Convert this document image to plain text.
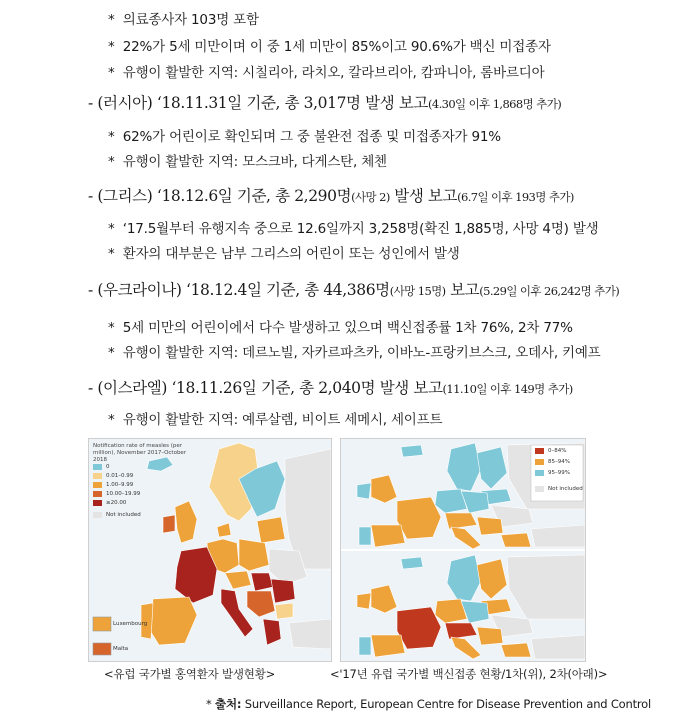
* 의료종사자 103명 포함
* 22%가 5세 미만이며 이 중 1세 미만이 85%이고 90.6%가 백신 미접종자
* 유행이 활발한 지역: 시칠리아, 라치오, 칼라브리아, 캄파니아, 롬바르디아
- (러시아) ‘18.11.31일 기준, 총 3,017명 발생 보고(4.30일 이후 1,868명 추가)
* 62%가 어린이로 확인되며 그 중 불완전 접종 및 미접종자가 91%
* 유행이 활발한 지역: 모스크바, 다게스탄, 체첸
- (그리스) ‘18.12.6일 기준, 총 2,290명(사망 2) 발생 보고(6.7일 이후 193명 추가)
* ‘17.5월부터 유행지속 중으로 12.6일까지 3,258명(확진 1,885명, 사망 4명) 발생
* 환자의 대부분은 남부 그리스의 어린이 또는 성인에서 발생
- (우크라이나) ‘18.12.4일 기준, 총 44,386명(사망 15명) 보고(5.29일 이후 26,242명 추가)
* 5세 미만의 어린이에서 다수 발생하고 있으며 백신접종률 1차 76%, 2차 77%
* 유행이 활발한 지역: 데르노빌, 자카르파츠카, 이바노-프랑키브스크, 오데사, 키예프
- (이스라엘) ‘18.11.26일 기준, 총 2,040명 발생 보고(11.10일 이후 149명 추가)
* 유행이 활발한 지역: 예루살렘, 비이트 세메시, 세이프트
Notification rate of measles (per million), November 2017–October 2018
0
0.01–0.99
1.00–9.99
10.00–19.99
≥20.00
Not included
Luxembourg
Malta
0–84%
85–94%
95–99%
Not included
<유럽 국가별 홍역환자 발생현황>	<'17년 유럽 국가별 백신접종 현황/1차(위), 2차(아래)>
* 출처: Surveillance Report, European Centre for Disease Prevention and Control
